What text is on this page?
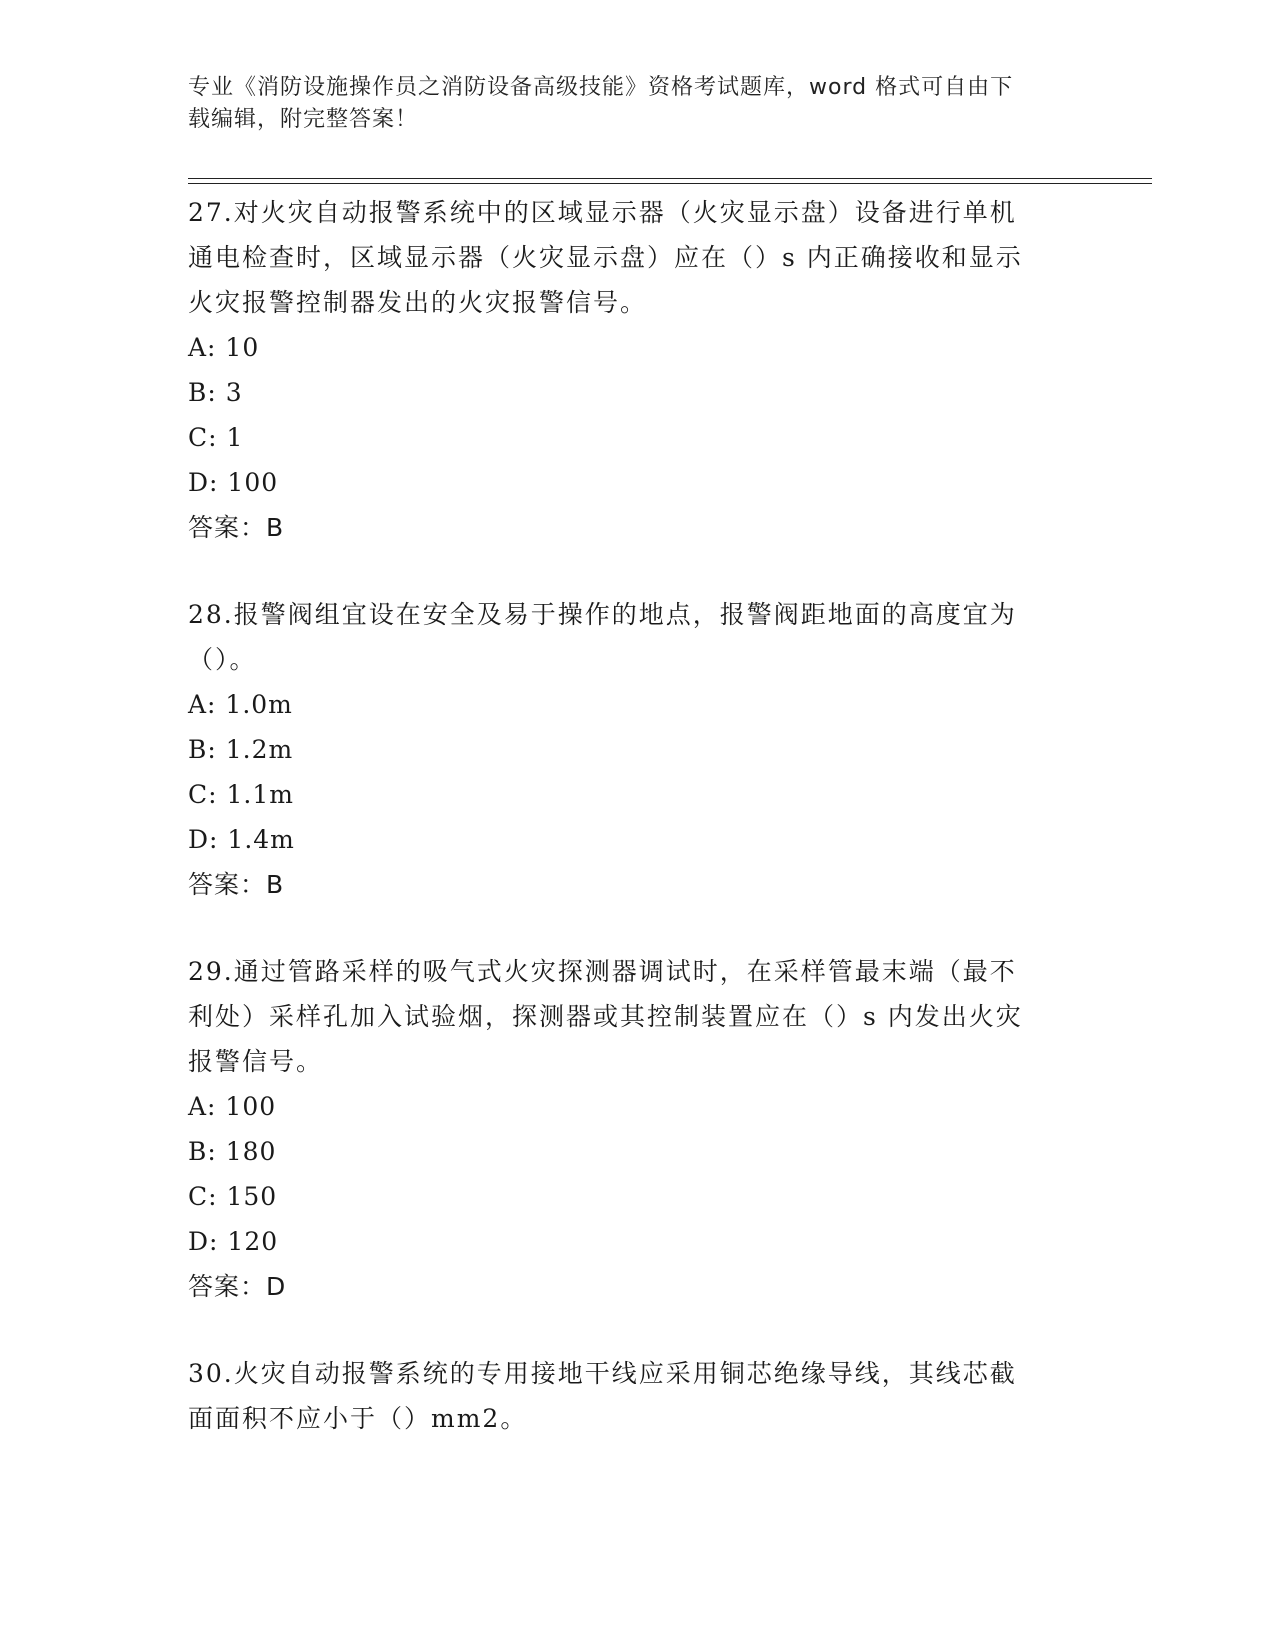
专业《消防设施操作员之消防设备高级技能》资格考试题库，word 格式可自由下
载编辑，附完整答案！

27.对火灾自动报警系统中的区域显示器（火灾显示盘）设备进行单机通电检查时，区域显示器（火灾显示盘）应在（）s 内正确接收和显示火灾报警控制器发出的火灾报警信号。

A: 10

B: 3

C: 1

D: 100

答案：B

28.报警阀组宜设在安全及易于操作的地点，报警阀距地面的高度宜为（）。

A: 1.0m

B: 1.2m

C: 1.1m

D: 1.4m

答案：B

29.通过管路采样的吸气式火灾探测器调试时，在采样管最末端（最不利处）采样孔加入试验烟，探测器或其控制装置应在（）s 内发出火灾报警信号。

A: 100

B: 180

C: 150

D: 120

答案：D

30.火灾自动报警系统的专用接地干线应采用铜芯绝缘导线，其线芯截面面积不应小于（）mm2。
